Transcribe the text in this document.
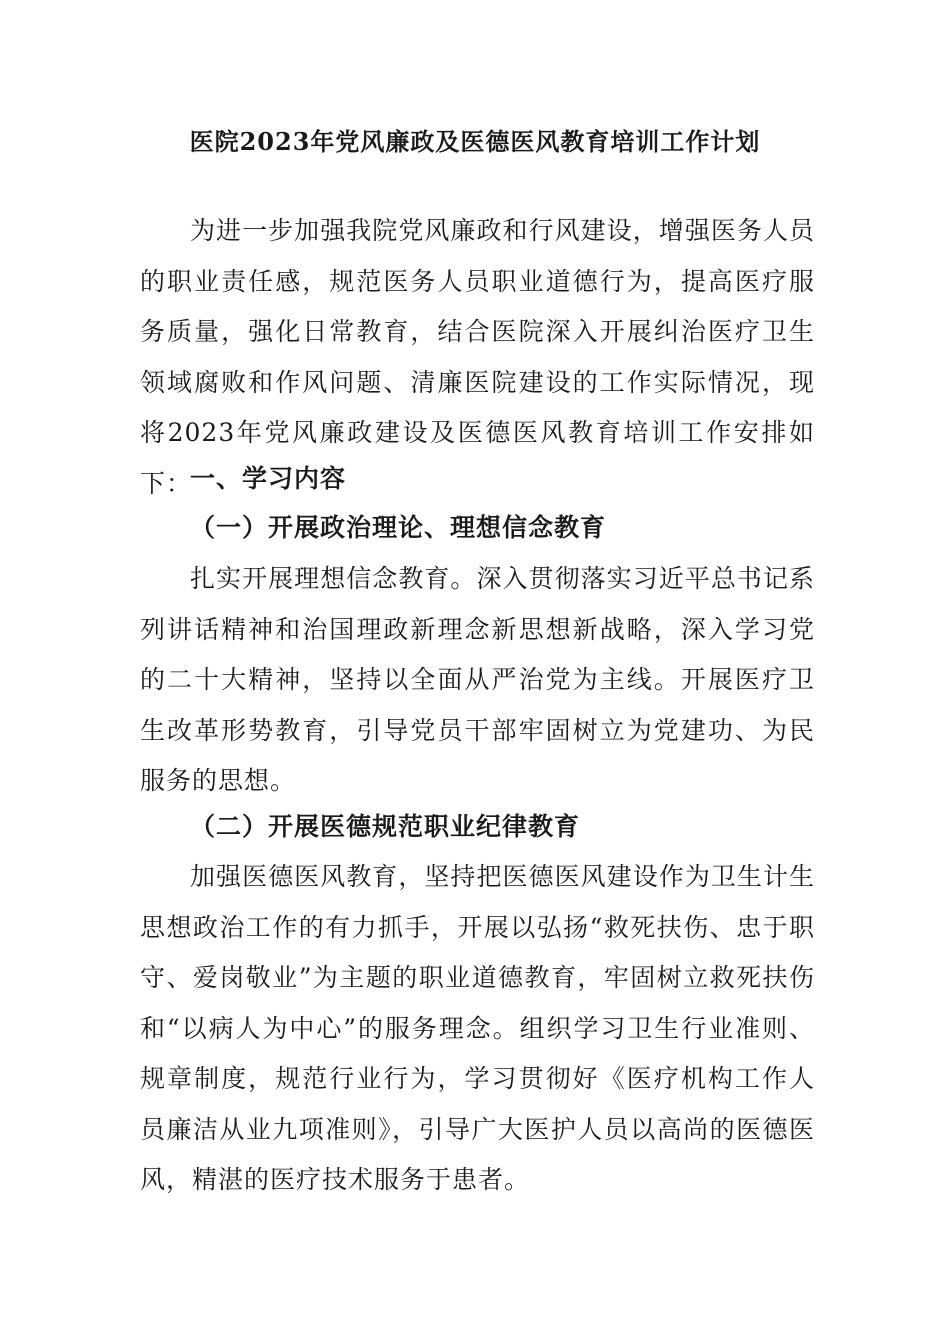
医院2023年党风廉政及医德医风教育培训工作计划

为进一步加强我院党风廉政和行风建设，增强医务人员的职业责任感，规范医务人员职业道德行为，提高医疗服务质量，强化日常教育，结合医院深入开展纠治医疗卫生领域腐败和作风问题、清廉医院建设的工作实际情况，现将2023年党风廉政建设及医德医风教育培训工作安排如下：

一、学习内容
（一）开展政治理论、理想信念教育

扎实开展理想信念教育。深入贯彻落实习近平总书记系列讲话精神和治国理政新理念新思想新战略，深入学习党的二十大精神，坚持以全面从严治党为主线。开展医疗卫生改革形势教育，引导党员干部牢固树立为党建功、为民服务的思想。

（二）开展医德规范职业纪律教育

加强医德医风教育，坚持把医德医风建设作为卫生计生思想政治工作的有力抓手，开展以弘扬“救死扶伤、忠于职守、爱岗敬业”为主题的职业道德教育，牢固树立救死扶伤和“以病人为中心”的服务理念。组织学习卫生行业准则、规章制度，规范行业行为，学习贯彻好《医疗机构工作人员廉洁从业九项准则》，引导广大医护人员以高尚的医德医风，精湛的医疗技术服务于患者。
